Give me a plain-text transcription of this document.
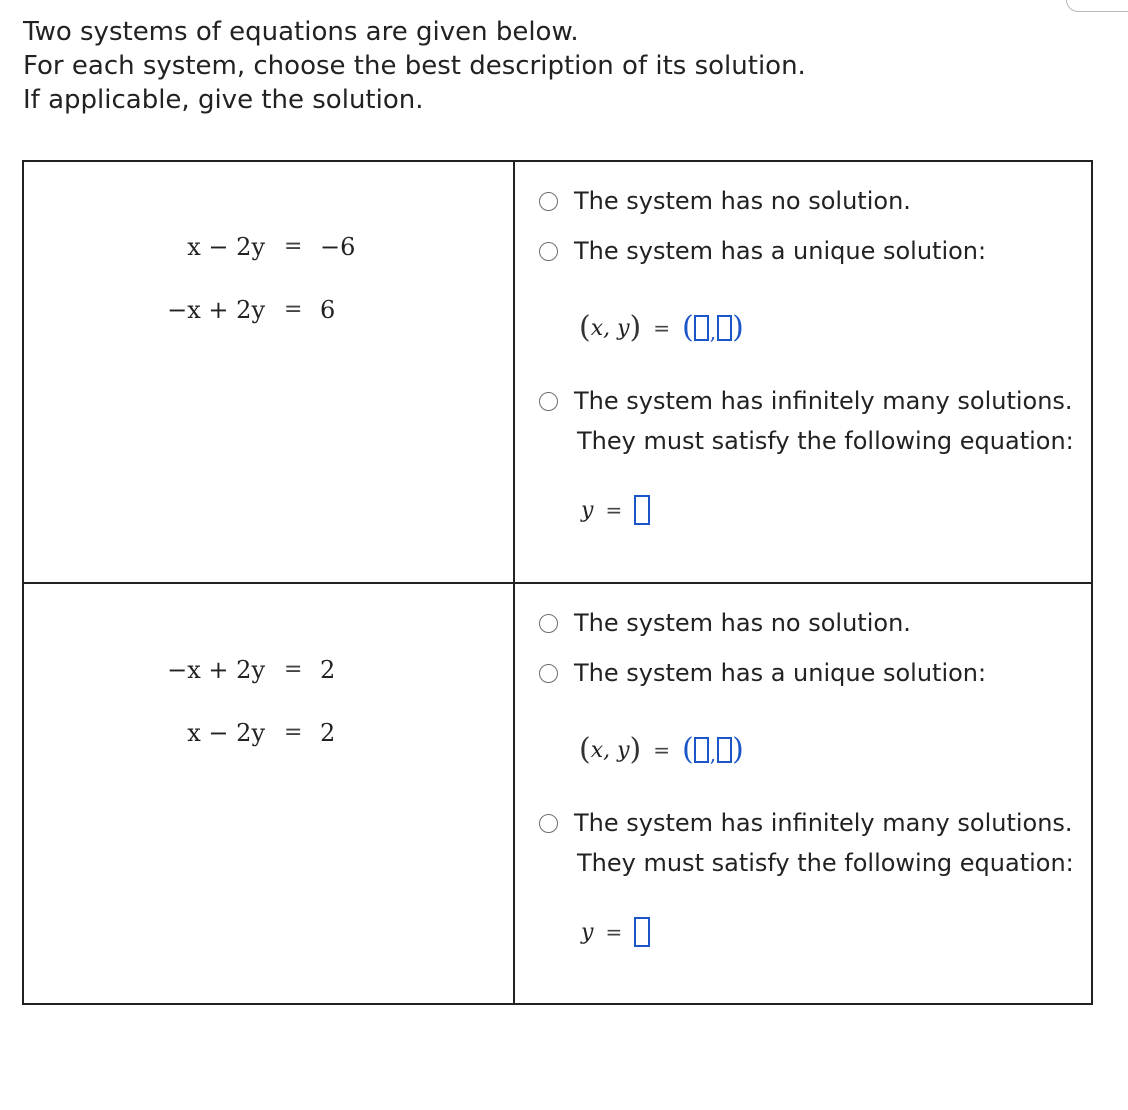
Two systems of equations are given below.
For each system, choose the best description of its solution.
If applicable, give the solution.
x − 2y = −6
−x + 2y = 6
The system has no solution.
The system has a unique solution:
( x, y ) = ( , )
The system has infinitely many solutions.
They must satisfy the following equation:
y =
−x + 2y = 2
x − 2y = 2
The system has no solution.
The system has a unique solution:
( x, y ) = ( , )
The system has infinitely many solutions.
They must satisfy the following equation:
y =
